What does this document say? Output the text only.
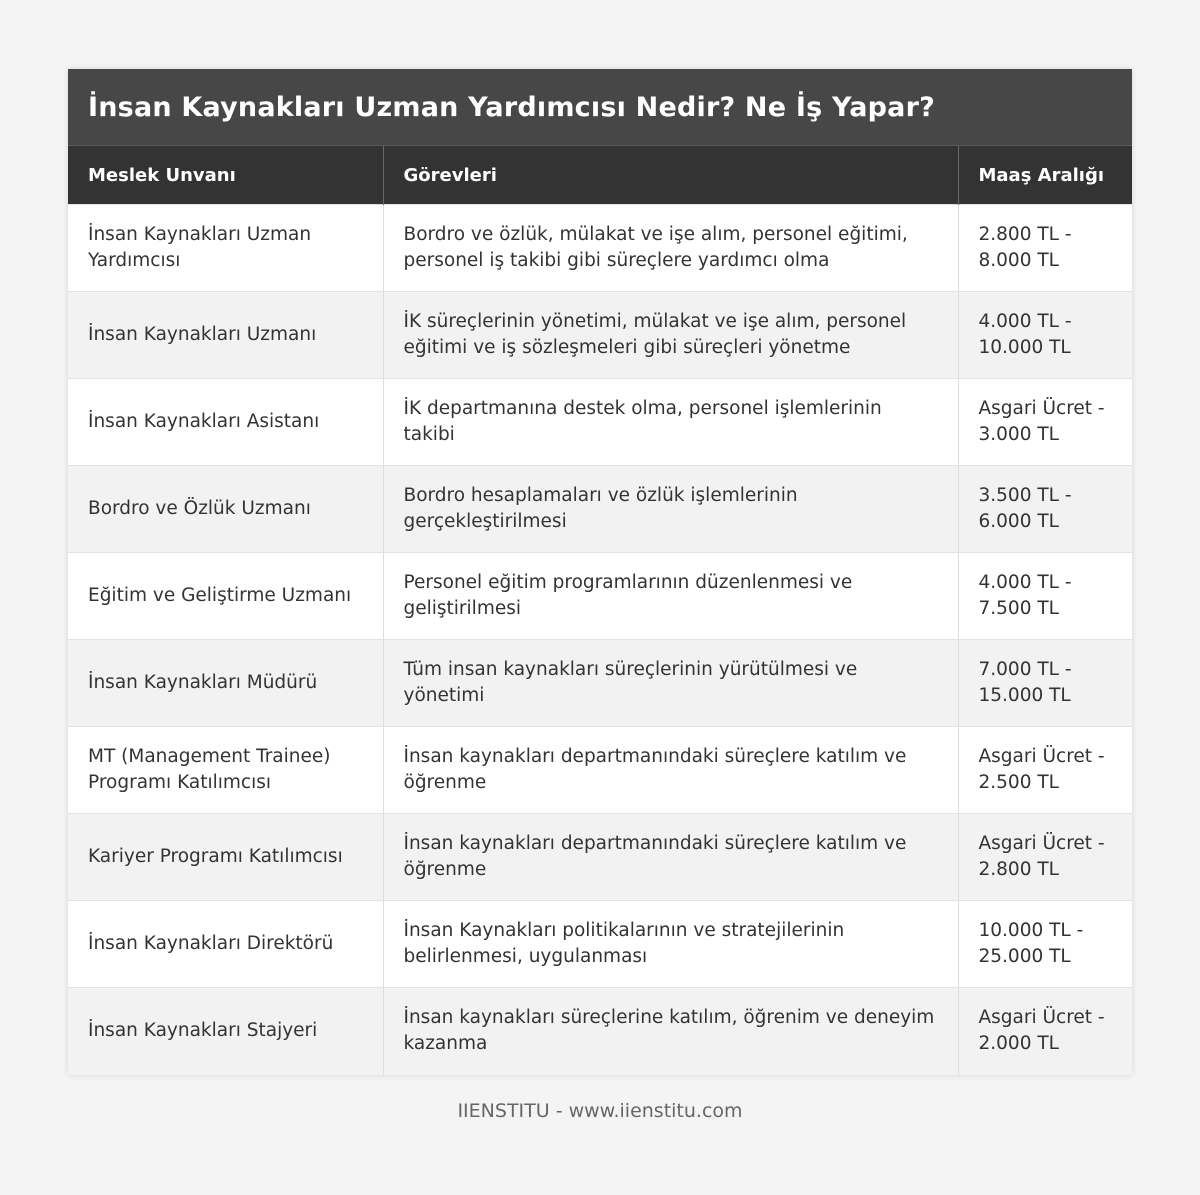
İnsan Kaynakları Uzman Yardımcısı Nedir? Ne İş Yapar?
Meslek Unvanı	Görevleri	Maaş Aralığı
İnsan Kaynakları Uzman Yardımcısı	Bordro ve özlük, mülakat ve işe alım, personel eğitimi, personel iş takibi gibi süreçlere yardımcı olma	2.800 TL - 8.000 TL
İnsan Kaynakları Uzmanı	İK süreçlerinin yönetimi, mülakat ve işe alım, personel eğitimi ve iş sözleşmeleri gibi süreçleri yönetme	4.000 TL - 10.000 TL
İnsan Kaynakları Asistanı	İK departmanına destek olma, personel işlemlerinin takibi	Asgari Ücret - 3.000 TL
Bordro ve Özlük Uzmanı	Bordro hesaplamaları ve özlük işlemlerinin gerçekleştirilmesi	3.500 TL - 6.000 TL
Eğitim ve Geliştirme Uzmanı	Personel eğitim programlarının düzenlenmesi ve geliştirilmesi	4.000 TL - 7.500 TL
İnsan Kaynakları Müdürü	Tüm insan kaynakları süreçlerinin yürütülmesi ve yönetimi	7.000 TL - 15.000 TL
MT (Management Trainee) Programı Katılımcısı	İnsan kaynakları departmanındaki süreçlere katılım ve öğrenme	Asgari Ücret - 2.500 TL
Kariyer Programı Katılımcısı	İnsan kaynakları departmanındaki süreçlere katılım ve öğrenme	Asgari Ücret - 2.800 TL
İnsan Kaynakları Direktörü	İnsan Kaynakları politikalarının ve stratejilerinin belirlenmesi, uygulanması	10.000 TL - 25.000 TL
İnsan Kaynakları Stajyeri	İnsan kaynakları süreçlerine katılım, öğrenim ve deneyim kazanma	Asgari Ücret - 2.000 TL
IIENSTITU - www.iienstitu.com
